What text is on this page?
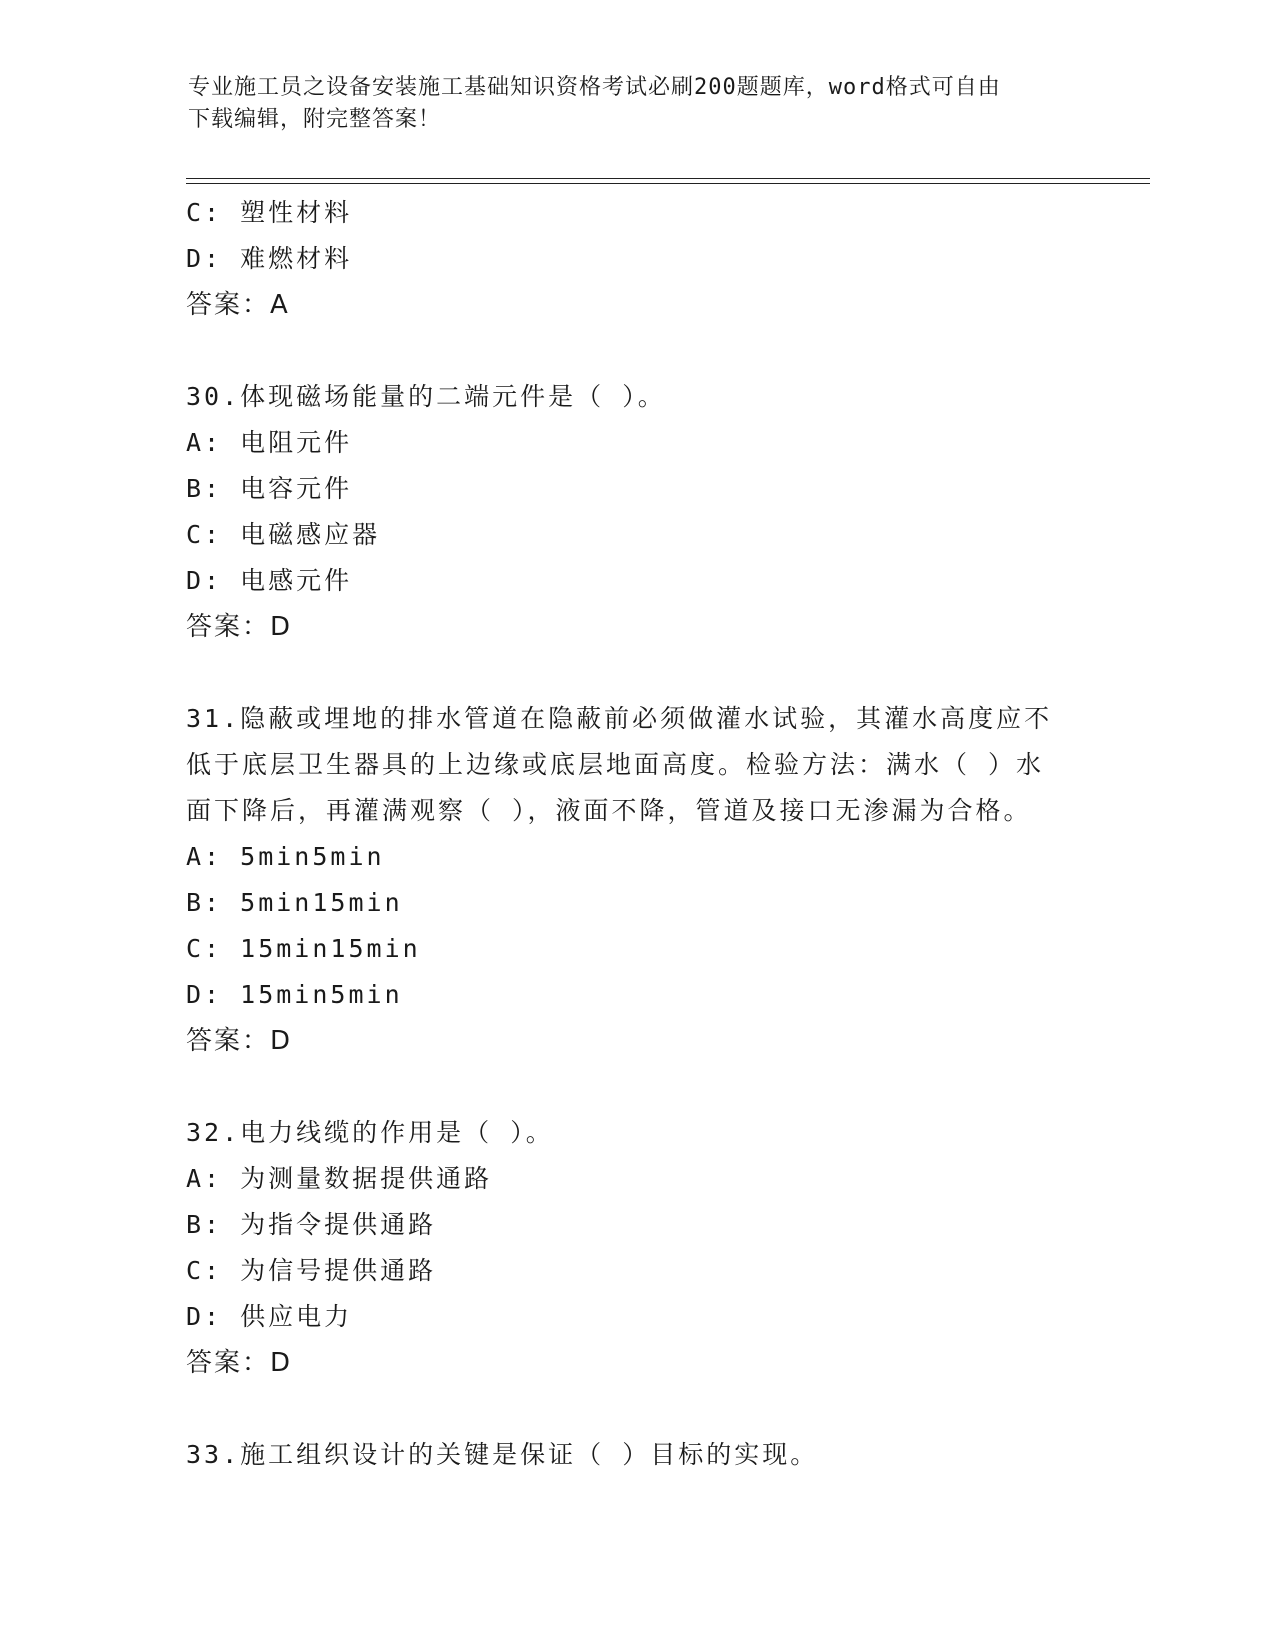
专业施工员之设备安装施工基础知识资格考试必刷200题题库，word格式可自由
下载编辑，附完整答案！
C: 塑性材料
D: 难燃材料
答案：A
30.体现磁场能量的二端元件是（ ）。
A: 电阻元件
B: 电容元件
C: 电磁感应器
D: 电感元件
答案：D
31.隐蔽或埋地的排水管道在隐蔽前必须做灌水试验，其灌水高度应不
低于底层卫生器具的上边缘或底层地面高度。检验方法：满水（ ）水
面下降后，再灌满观察（ ），液面不降，管道及接口无渗漏为合格。
A: 5min5min
B: 5min15min
C: 15min15min
D: 15min5min
答案：D
32.电力线缆的作用是（ ）。
A: 为测量数据提供通路
B: 为指令提供通路
C: 为信号提供通路
D: 供应电力
答案：D
33.施工组织设计的关键是保证（ ）目标的实现。
